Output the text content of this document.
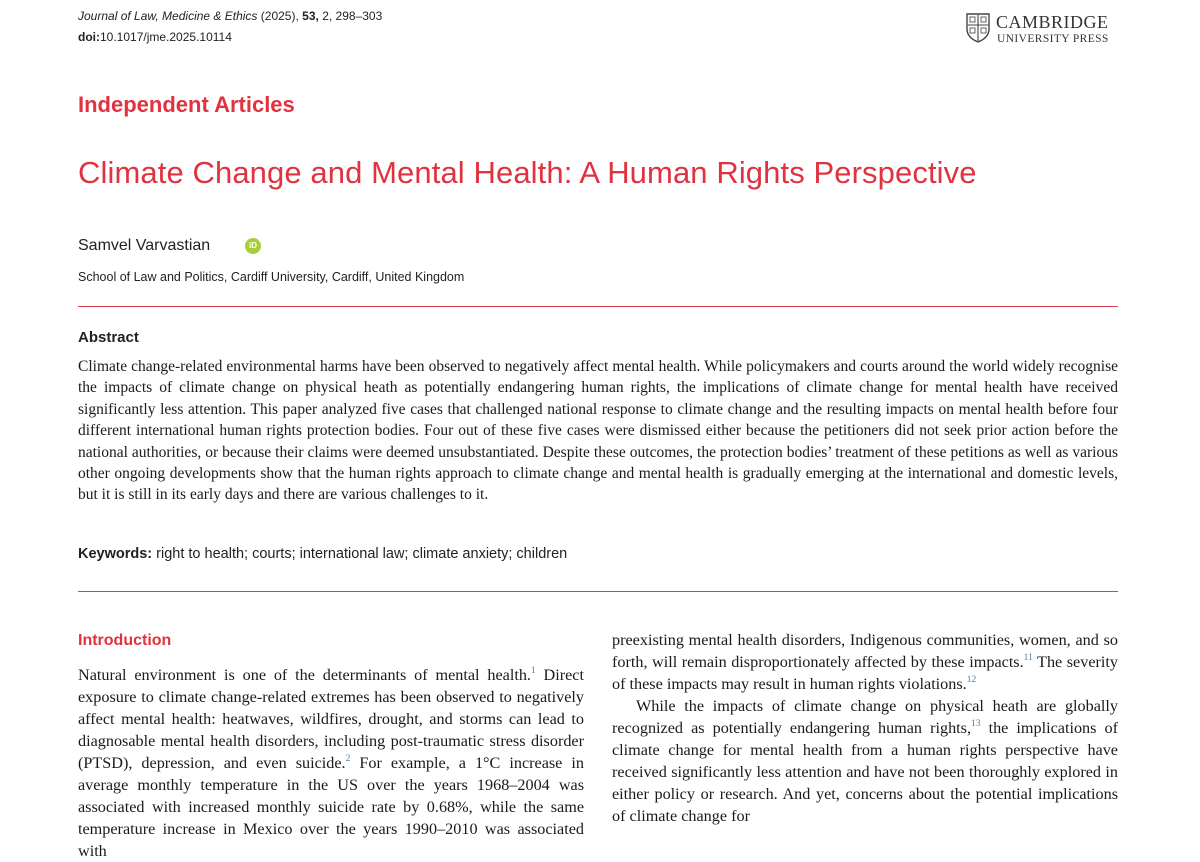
Journal of Law, Medicine & Ethics (2025), 53, 2, 298–303
doi:10.1017/jme.2025.10114
CAMBRIDGE
UNIVERSITY PRESS
Independent Articles
Climate Change and Mental Health: A Human Rights Perspective
Samvel Varvastian	iD
School of Law and Politics, Cardiff University, Cardiff, United Kingdom
Abstract
Climate change-related environmental harms have been observed to negatively affect mental health. While policymakers and courts around the world widely recognise the impacts of climate change on physical heath as potentially endangering human rights, the implications of climate change for mental health have received significantly less attention. This paper analyzed five cases that challenged national response to climate change and the resulting impacts on mental health before four different international human rights protection bodies. Four out of these five cases were dismissed either because the petitioners did not seek prior action before the national authorities, or because their claims were deemed unsubstantiated. Despite these outcomes, the protection bodies’ treatment of these petitions as well as various other ongoing developments show that the human rights approach to climate change and mental health is gradually emerging at the international and domestic levels, but it is still in its early days and there are various challenges to it.
Keywords: right to health; courts; international law; climate anxiety; children
Introduction

Natural environment is one of the determinants of mental health.$^1$ Direct exposure to climate change-related extremes has been observed to negatively affect mental health: heatwaves, wildfires, drought, and storms can lead to diagnosable mental health disorders, including post-traumatic stress disorder (PTSD), depression, and even suicide.$^2$ For example, a 1°C increase in average monthly temperature in the US over the years 1968–2004 was associated with increased monthly suicide rate by 0.68%, while the same temperature increase in Mexico over the years 1990–2010 was associated with

preexisting mental health disorders, Indigenous communities, women, and so forth, will remain disproportionately affected by these impacts.$^{11}$ The severity of these impacts may result in human rights violations.$^{12}$

While the impacts of climate change on physical heath are globally recognized as potentially endangering human rights,$^{13}$ the implications of climate change for mental health from a human rights perspective have received significantly less attention and have not been thoroughly explored in either policy or research. And yet, concerns about the potential implications of climate change for
